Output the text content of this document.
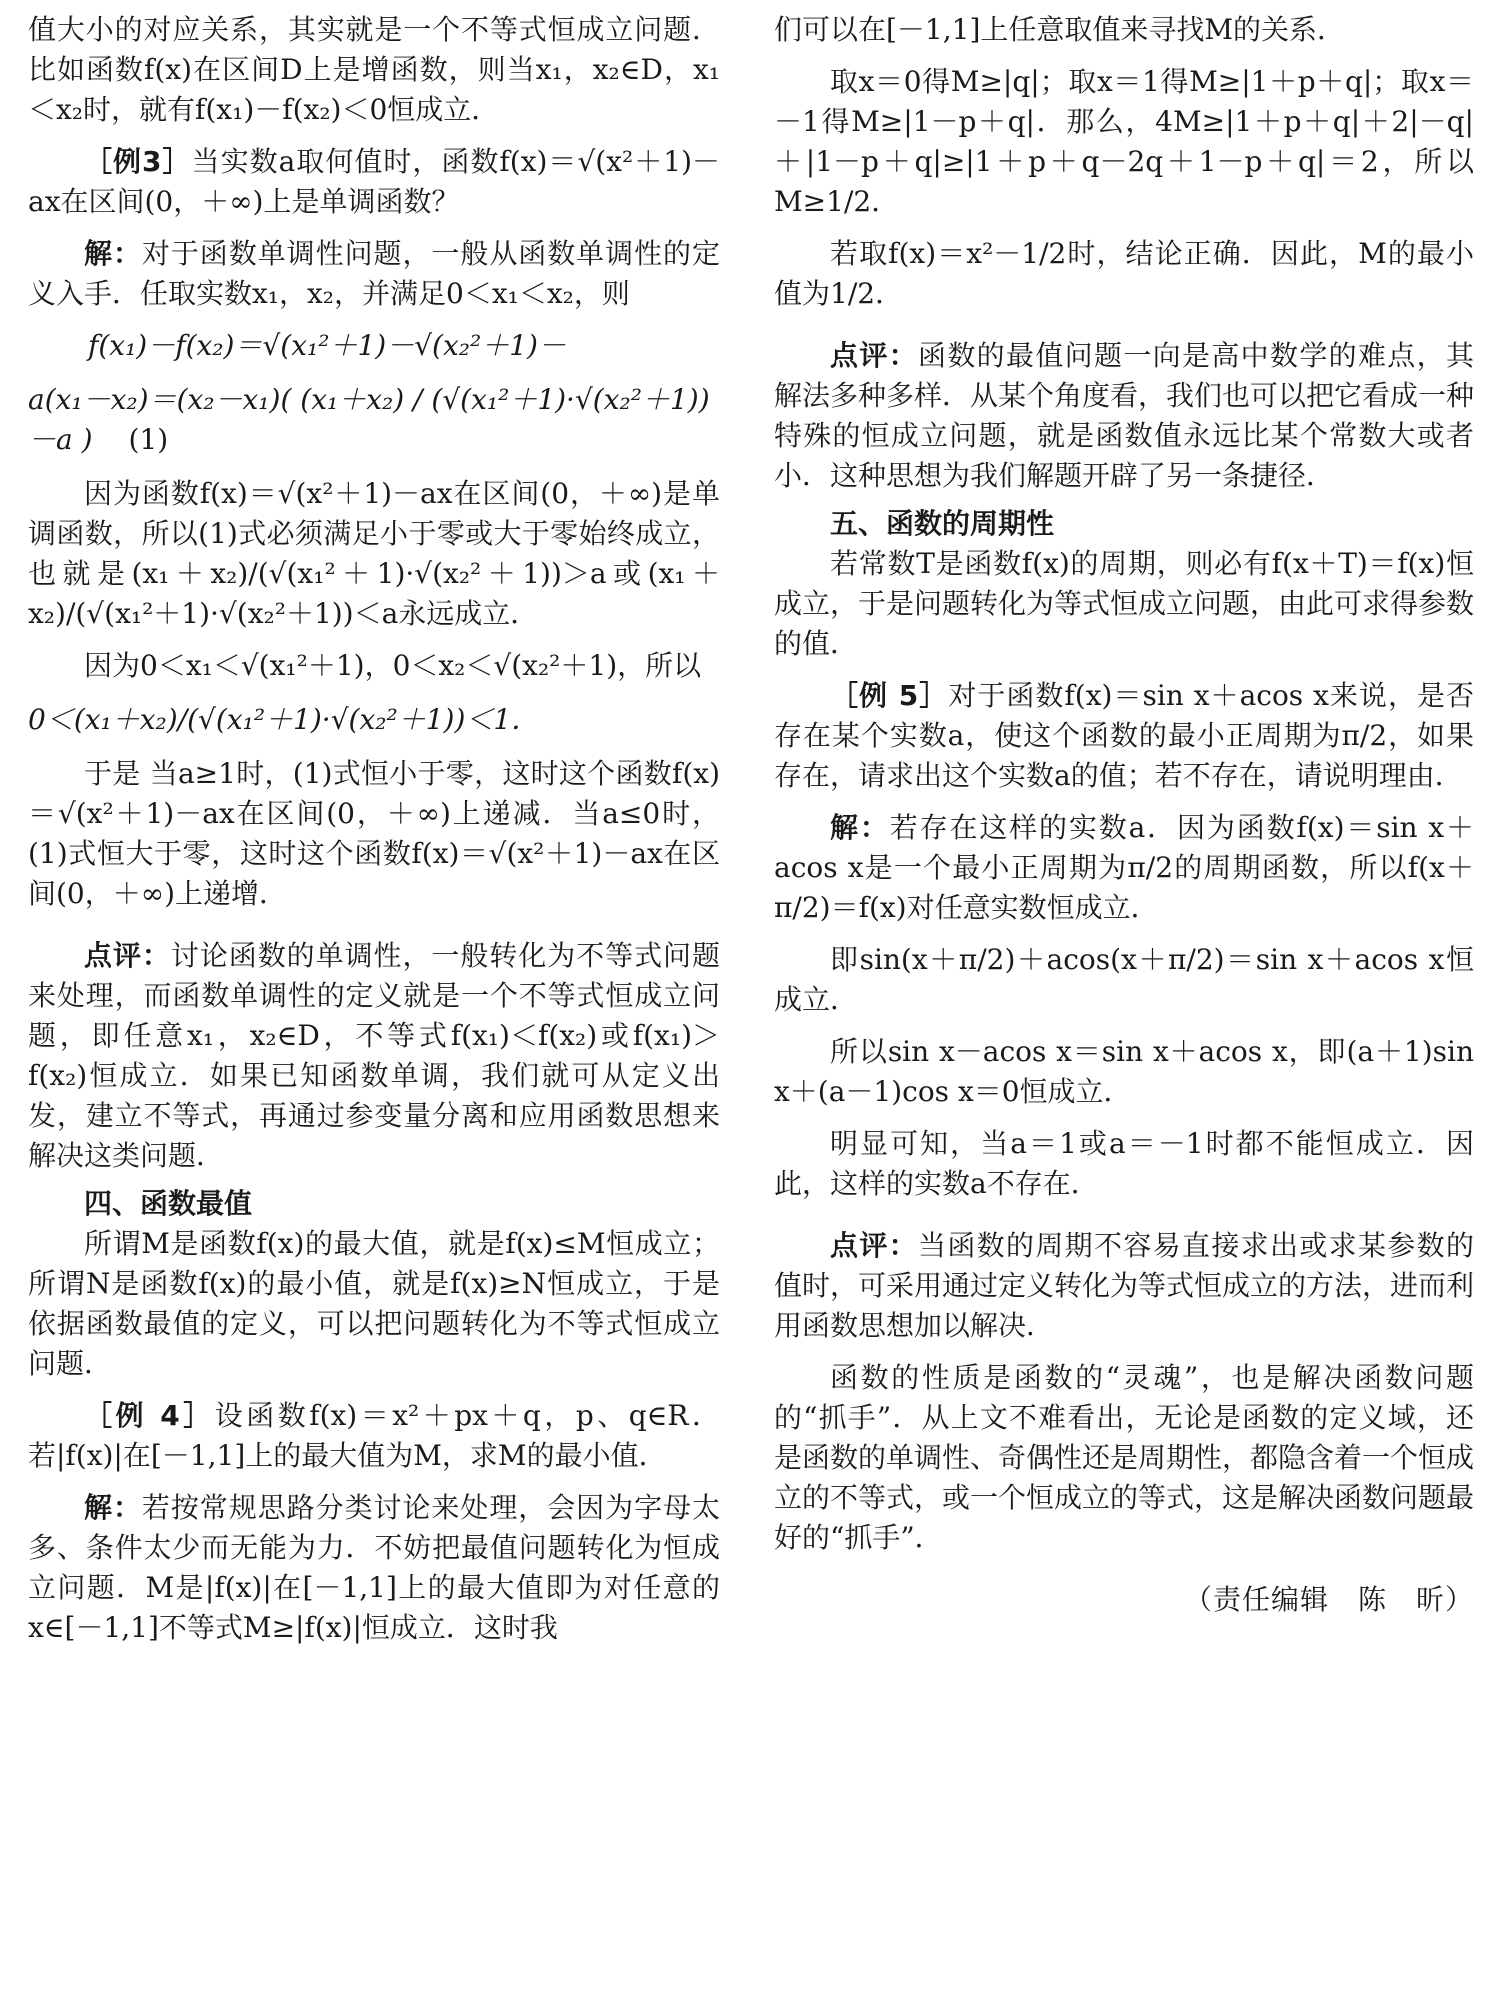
值大小的对应关系，其实就是一个不等式恒成立问题．比如函数f(x)在区间D上是增函数，则当x₁，x₂∈D，x₁＜x₂时，就有f(x₁)－f(x₂)＜0恒成立．

［例3］当实数a取何值时，函数f(x)＝√(x²＋1)－ax在区间(0，＋∞)上是单调函数？

解：对于函数单调性问题，一般从函数单调性的定义入手．任取实数x₁，x₂，并满足0＜x₁＜x₂，则

f(x₁)－f(x₂)＝√(x₁²＋1)－√(x₂²＋1)－

a(x₁－x₂)＝(x₂－x₁)( (x₁＋x₂) / (√(x₁²＋1)·√(x₂²＋1)) －a ) (1)

因为函数f(x)＝√(x²＋1)－ax在区间(0，＋∞)是单调函数，所以(1)式必须满足小于零或大于零始终成立，也就是(x₁＋x₂)/(√(x₁²＋1)·√(x₂²＋1))＞a或(x₁＋x₂)/(√(x₁²＋1)·√(x₂²＋1))＜a永远成立．

因为0＜x₁＜√(x₁²＋1)，0＜x₂＜√(x₂²＋1)，所以

0＜(x₁＋x₂)/(√(x₁²＋1)·√(x₂²＋1))＜1．

于是 当a≥1时，(1)式恒小于零，这时这个函数f(x)＝√(x²＋1)－ax在区间(0，＋∞)上递减．当a≤0时，(1)式恒大于零，这时这个函数f(x)＝√(x²＋1)－ax在区间(0，＋∞)上递增．

点评：讨论函数的单调性，一般转化为不等式问题来处理，而函数单调性的定义就是一个不等式恒成立问题，即任意x₁，x₂∈D，不等式f(x₁)＜f(x₂)或f(x₁)＞f(x₂)恒成立．如果已知函数单调，我们就可从定义出发，建立不等式，再通过参变量分离和应用函数思想来解决这类问题．

四、函数最值

所谓M是函数f(x)的最大值，就是f(x)≤M恒成立；所谓N是函数f(x)的最小值，就是f(x)≥N恒成立，于是依据函数最值的定义，可以把问题转化为不等式恒成立问题．

［例 4］设函数f(x)＝x²＋px＋q，p、q∈R．若|f(x)|在[－1,1]上的最大值为M，求M的最小值．

解：若按常规思路分类讨论来处理，会因为字母太多、条件太少而无能为力．不妨把最值问题转化为恒成立问题．M是|f(x)|在[－1,1]上的最大值即为对任意的x∈[－1,1]不等式M≥|f(x)|恒成立．这时我

们可以在[－1,1]上任意取值来寻找M的关系．

取x＝0得M≥|q|；取x＝1得M≥|1＋p＋q|；取x＝－1得M≥|1－p＋q|．那么，4M≥|1＋p＋q|＋2|－q|＋|1－p＋q|≥|1＋p＋q－2q＋1－p＋q|＝2，所以M≥1/2．

若取f(x)＝x²－1/2时，结论正确．因此，M的最小值为1/2．

点评：函数的最值问题一向是高中数学的难点，其解法多种多样．从某个角度看，我们也可以把它看成一种特殊的恒成立问题，就是函数值永远比某个常数大或者小．这种思想为我们解题开辟了另一条捷径．

五、函数的周期性

若常数T是函数f(x)的周期，则必有f(x＋T)＝f(x)恒成立，于是问题转化为等式恒成立问题，由此可求得参数的值．

［例 5］对于函数f(x)＝sin x＋acos x来说，是否存在某个实数a，使这个函数的最小正周期为π/2，如果存在，请求出这个实数a的值；若不存在，请说明理由．

解：若存在这样的实数a．因为函数f(x)＝sin x＋acos x是一个最小正周期为π/2的周期函数，所以f(x＋π/2)＝f(x)对任意实数恒成立．

即sin(x＋π/2)＋acos(x＋π/2)＝sin x＋acos x恒成立．

所以sin x－acos x＝sin x＋acos x，即(a＋1)sin x＋(a－1)cos x＝0恒成立．

明显可知，当a＝1或a＝－1时都不能恒成立．因此，这样的实数a不存在．

点评：当函数的周期不容易直接求出或求某参数的值时，可采用通过定义转化为等式恒成立的方法，进而利用函数思想加以解决．

函数的性质是函数的“灵魂”，也是解决函数问题的“抓手”．从上文不难看出，无论是函数的定义域，还是函数的单调性、奇偶性还是周期性，都隐含着一个恒成立的不等式，或一个恒成立的等式，这是解决函数问题最好的“抓手”．

（责任编辑　陈　昕）
